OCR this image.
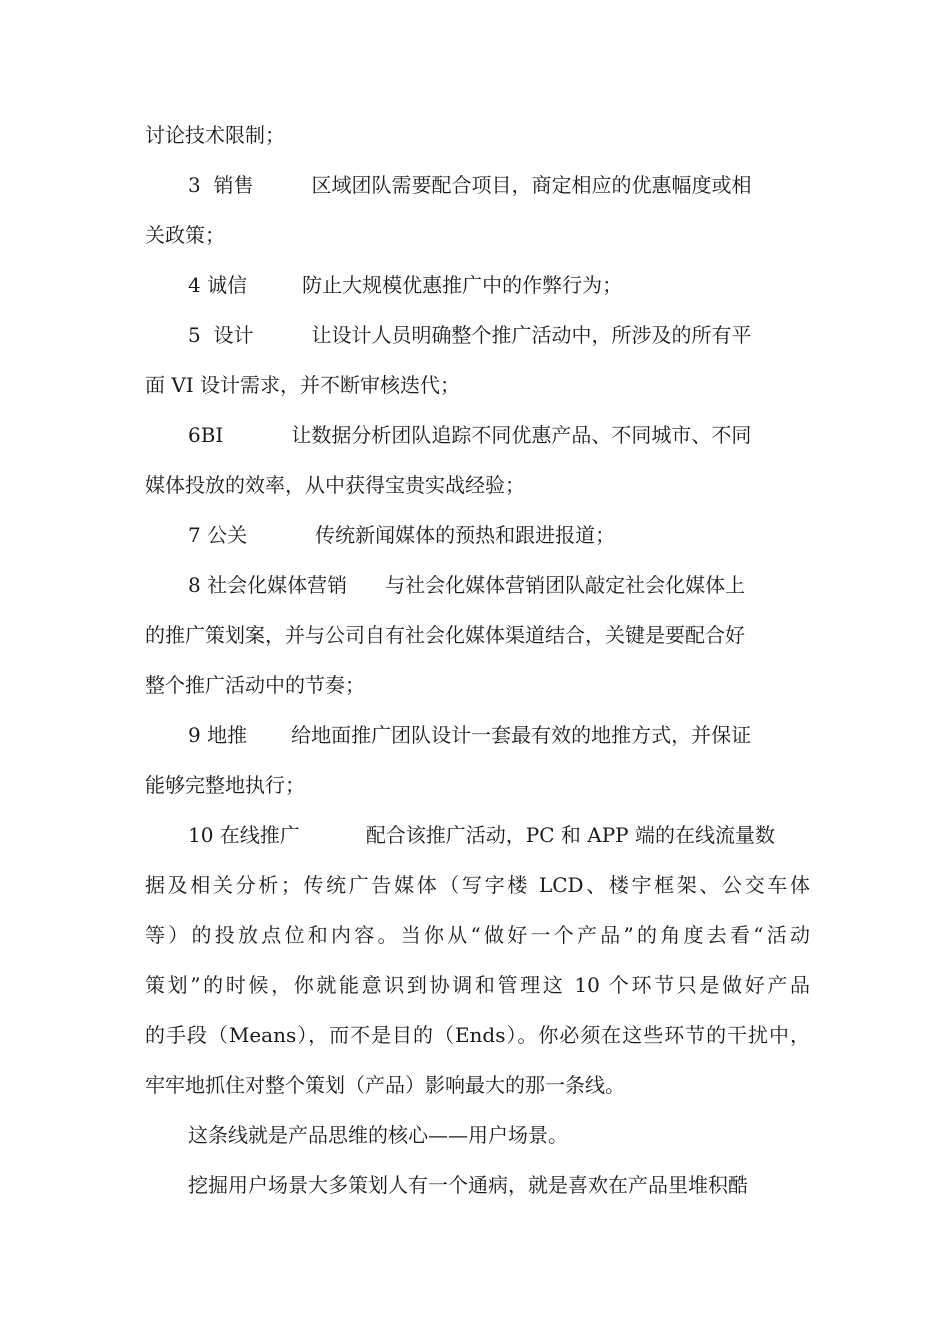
讨论技术限制；
3  销售	区域团队需要配合项目，商定相应的优惠幅度或相
关政策；
4 诚信	防止大规模优惠推广中的作弊行为；
5  设计	让设计人员明确整个推广活动中，所涉及的所有平
面 VI 设计需求，并不断审核迭代；
6BI	让数据分析团队追踪不同优惠产品、不同城市、不同
媒体投放的效率，从中获得宝贵实战经验；
7 公关	传统新闻媒体的预热和跟进报道；
8 社会化媒体营销 与社会化媒体营销团队敲定社会化媒体上
的推广策划案，并与公司自有社会化媒体渠道结合，关键是要配合好
整个推广活动中的节奏；
9 地推 给地面推广团队设计一套最有效的地推方式，并保证
能够完整地执行；
10 在线推广	配合该推广活动，PC 和 APP 端的在线流量数
据及相关分析；传统广告媒体（写字楼 LCD、楼宇框架、公交车体
等）的投放点位和内容。当你从“做好一个产品”的角度去看“活动
策划”的时候，你就能意识到协调和管理这 10 个环节只是做好产品
的手段（Means），而不是目的（Ends）。你必须在这些环节的干扰中，
牢牢地抓住对整个策划（产品）影响最大的那一条线。
这条线就是产品思维的核心——用户场景。
挖掘用户场景大多策划人有一个通病，就是喜欢在产品里堆积酷
